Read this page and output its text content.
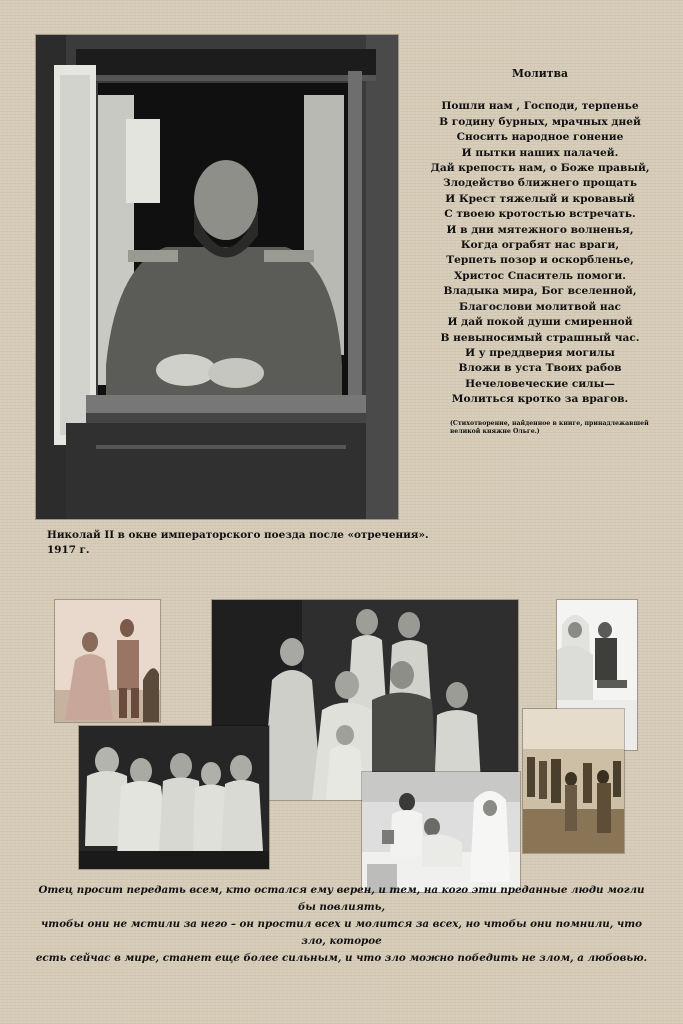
Молитва
Пошли нам , Господи, терпенье
В годину бурных, мрачных дней
Сносить народное гонение
И пытки наших палачей.
Дай крепость нам, о Боже правый,
Злодейство ближнего прощать
И Крест тяжелый и кровавый
С твоею кротостью встречать.
И в дни мятежного волненья,
Когда ограбят нас враги,
Терпеть позор и оскорбленье,
Христос Спаситель помоги.
Владыка мира, Бог вселенной,
Благослови молитвой нас
И дай покой души смиренной
В невыносимый страшный час.
И у преддверия могилы
Вложи в уста Твоих рабов
Нечеловеческие силы—
Молиться кротко за врагов.
(Стихотворение, найденное в книге, принадлежавшей
великой княжне Ольге.)
Николай II в окне императорского поезда после «отречения».
1917 г.
Отец просит передать всем, кто остался ему верен, и тем, на кого эти преданные люди могли бы повлиять,
чтобы они не мстили за него – он простил всех и молится за всех, но чтобы они помнили, что зло, которое
есть сейчас в мире, станет еще более сильным, и что зло можно победить не злом, а любовью.
